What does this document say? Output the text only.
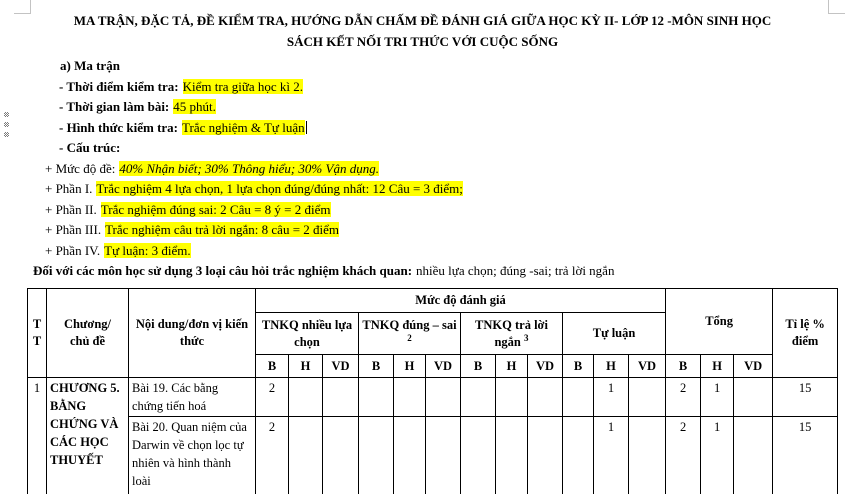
MA TRẬN, ĐẶC TẢ, ĐỀ KIỂM TRA, HƯỚNG DẪN CHẤM ĐỀ ĐÁNH GIÁ GIỮA HỌC KỲ II- LỚP 12 -MÔN SINH HỌC
SÁCH KẾT NỐI TRI THỨC VỚI CUỘC SỐNG
a) Ma trận
- Thời điểm kiểm tra: Kiểm tra giữa học kì 2.
- Thời gian làm bài: 45 phút.
- Hình thức kiểm tra: Trắc nghiệm & Tự luận
- Cấu trúc:
+ Mức độ đề: 40% Nhận biết; 30% Thông hiểu; 30% Vận dụng.
+ Phần I. Trắc nghiệm 4 lựa chọn, 1 lựa chọn đúng/đúng nhất: 12 Câu = 3 điểm;
+ Phần II. Trắc nghiệm đúng sai: 2 Câu = 8 ý = 2 điểm
+ Phần III. Trắc nghiệm câu trả lời ngắn: 8 câu = 2 điểm
+ Phần IV. Tự luận: 3 điểm.
Đối với các môn học sử dụng 3 loại câu hỏi trắc nghiệm khách quan: nhiều lựa chọn; đúng -sai; trả lời ngắn
T
T	Chương/ chủ đề	Nội dung/đơn vị kiến thức	Mức độ đánh giá												Tổng			Tỉ lệ % điểm

			TNKQ nhiều lựa chọn			TNKQ đúng – sai $^2$			TNKQ trả lời ngắn $^3$			Tự luận						
			B	H	VD	B	H	VD	B	H	VD	B	H	VD	B	H	VD	
1	CHƯƠNG 5. BẰNG CHỨNG VÀ CÁC HỌC THUYẾT	Bài 19. Các bằng chứng tiến hoá	2										1		2	1		15
		Bài 20. Quan niệm của Darwin về chọn lọc tự nhiên và hình thành loài	2										1		2	1		15
